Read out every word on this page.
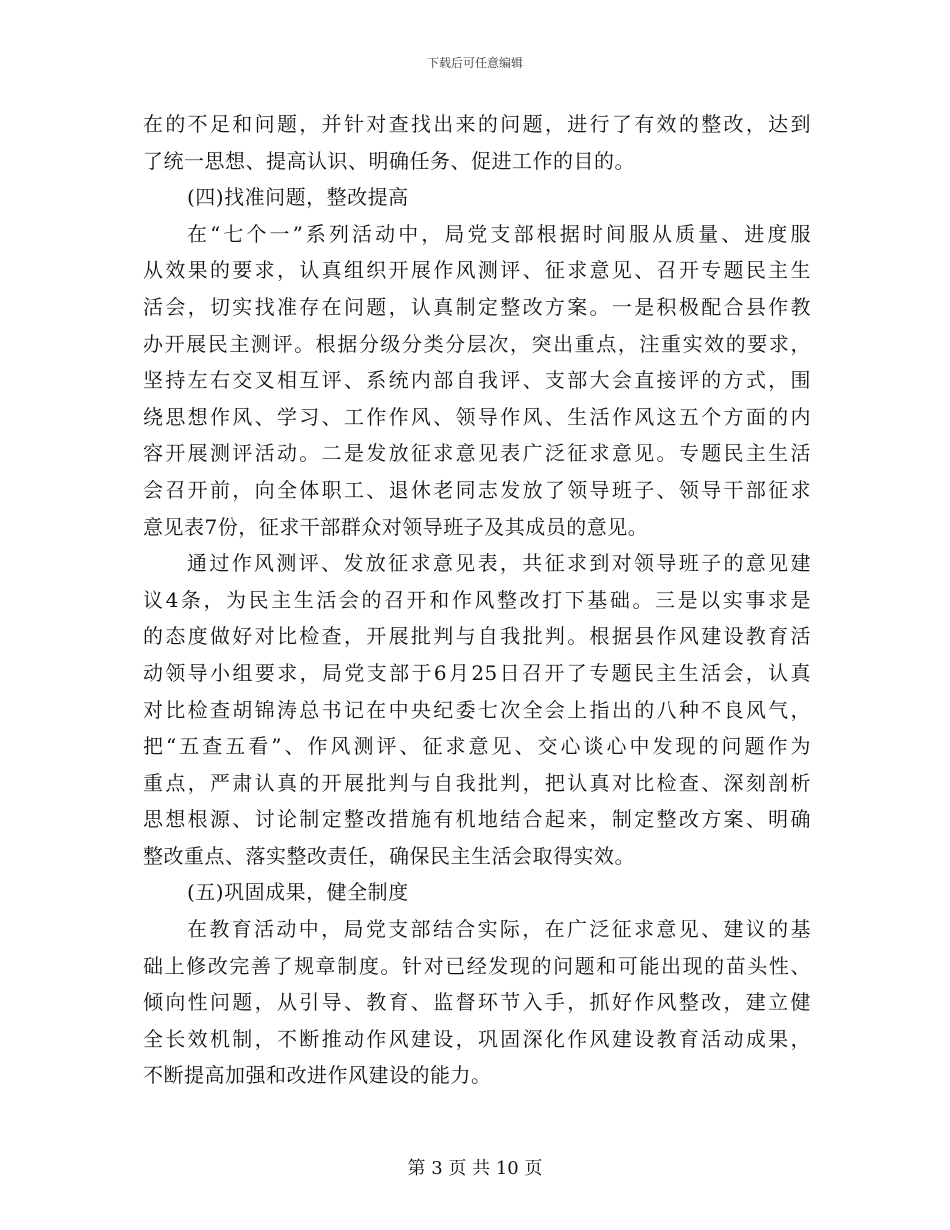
下载后可任意编辑
在的不足和问题，并针对查找出来的问题，进行了有效的整改，达到
了统一思想、提高认识、明确任务、促进工作的目的。
(四)找准问题，整改提高
在“七个一”系列活动中，局党支部根据时间服从质量、进度服
从效果的要求，认真组织开展作风测评、征求意见、召开专题民主生
活会，切实找准存在问题，认真制定整改方案。一是积极配合县作教
办开展民主测评。根据分级分类分层次，突出重点，注重实效的要求，
坚持左右交叉相互评、系统内部自我评、支部大会直接评的方式，围
绕思想作风、学习、工作作风、领导作风、生活作风这五个方面的内
容开展测评活动。二是发放征求意见表广泛征求意见。专题民主生活
会召开前，向全体职工、退休老同志发放了领导班子、领导干部征求
意见表7份，征求干部群众对领导班子及其成员的意见。
通过作风测评、发放征求意见表，共征求到对领导班子的意见建
议4条，为民主生活会的召开和作风整改打下基础。三是以实事求是
的态度做好对比检查，开展批判与自我批判。根据县作风建设教育活
动领导小组要求，局党支部于6月25日召开了专题民主生活会，认真
对比检查胡锦涛总书记在中央纪委七次全会上指出的八种不良风气，
把“五查五看”、作风测评、征求意见、交心谈心中发现的问题作为
重点，严肃认真的开展批判与自我批判，把认真对比检查、深刻剖析
思想根源、讨论制定整改措施有机地结合起来，制定整改方案、明确
整改重点、落实整改责任，确保民主生活会取得实效。
(五)巩固成果，健全制度
在教育活动中，局党支部结合实际，在广泛征求意见、建议的基
础上修改完善了规章制度。针对已经发现的问题和可能出现的苗头性、
倾向性问题，从引导、教育、监督环节入手，抓好作风整改，建立健
全长效机制，不断推动作风建设，巩固深化作风建设教育活动成果，
不断提高加强和改进作风建设的能力。
第 3 页 共 10 页
